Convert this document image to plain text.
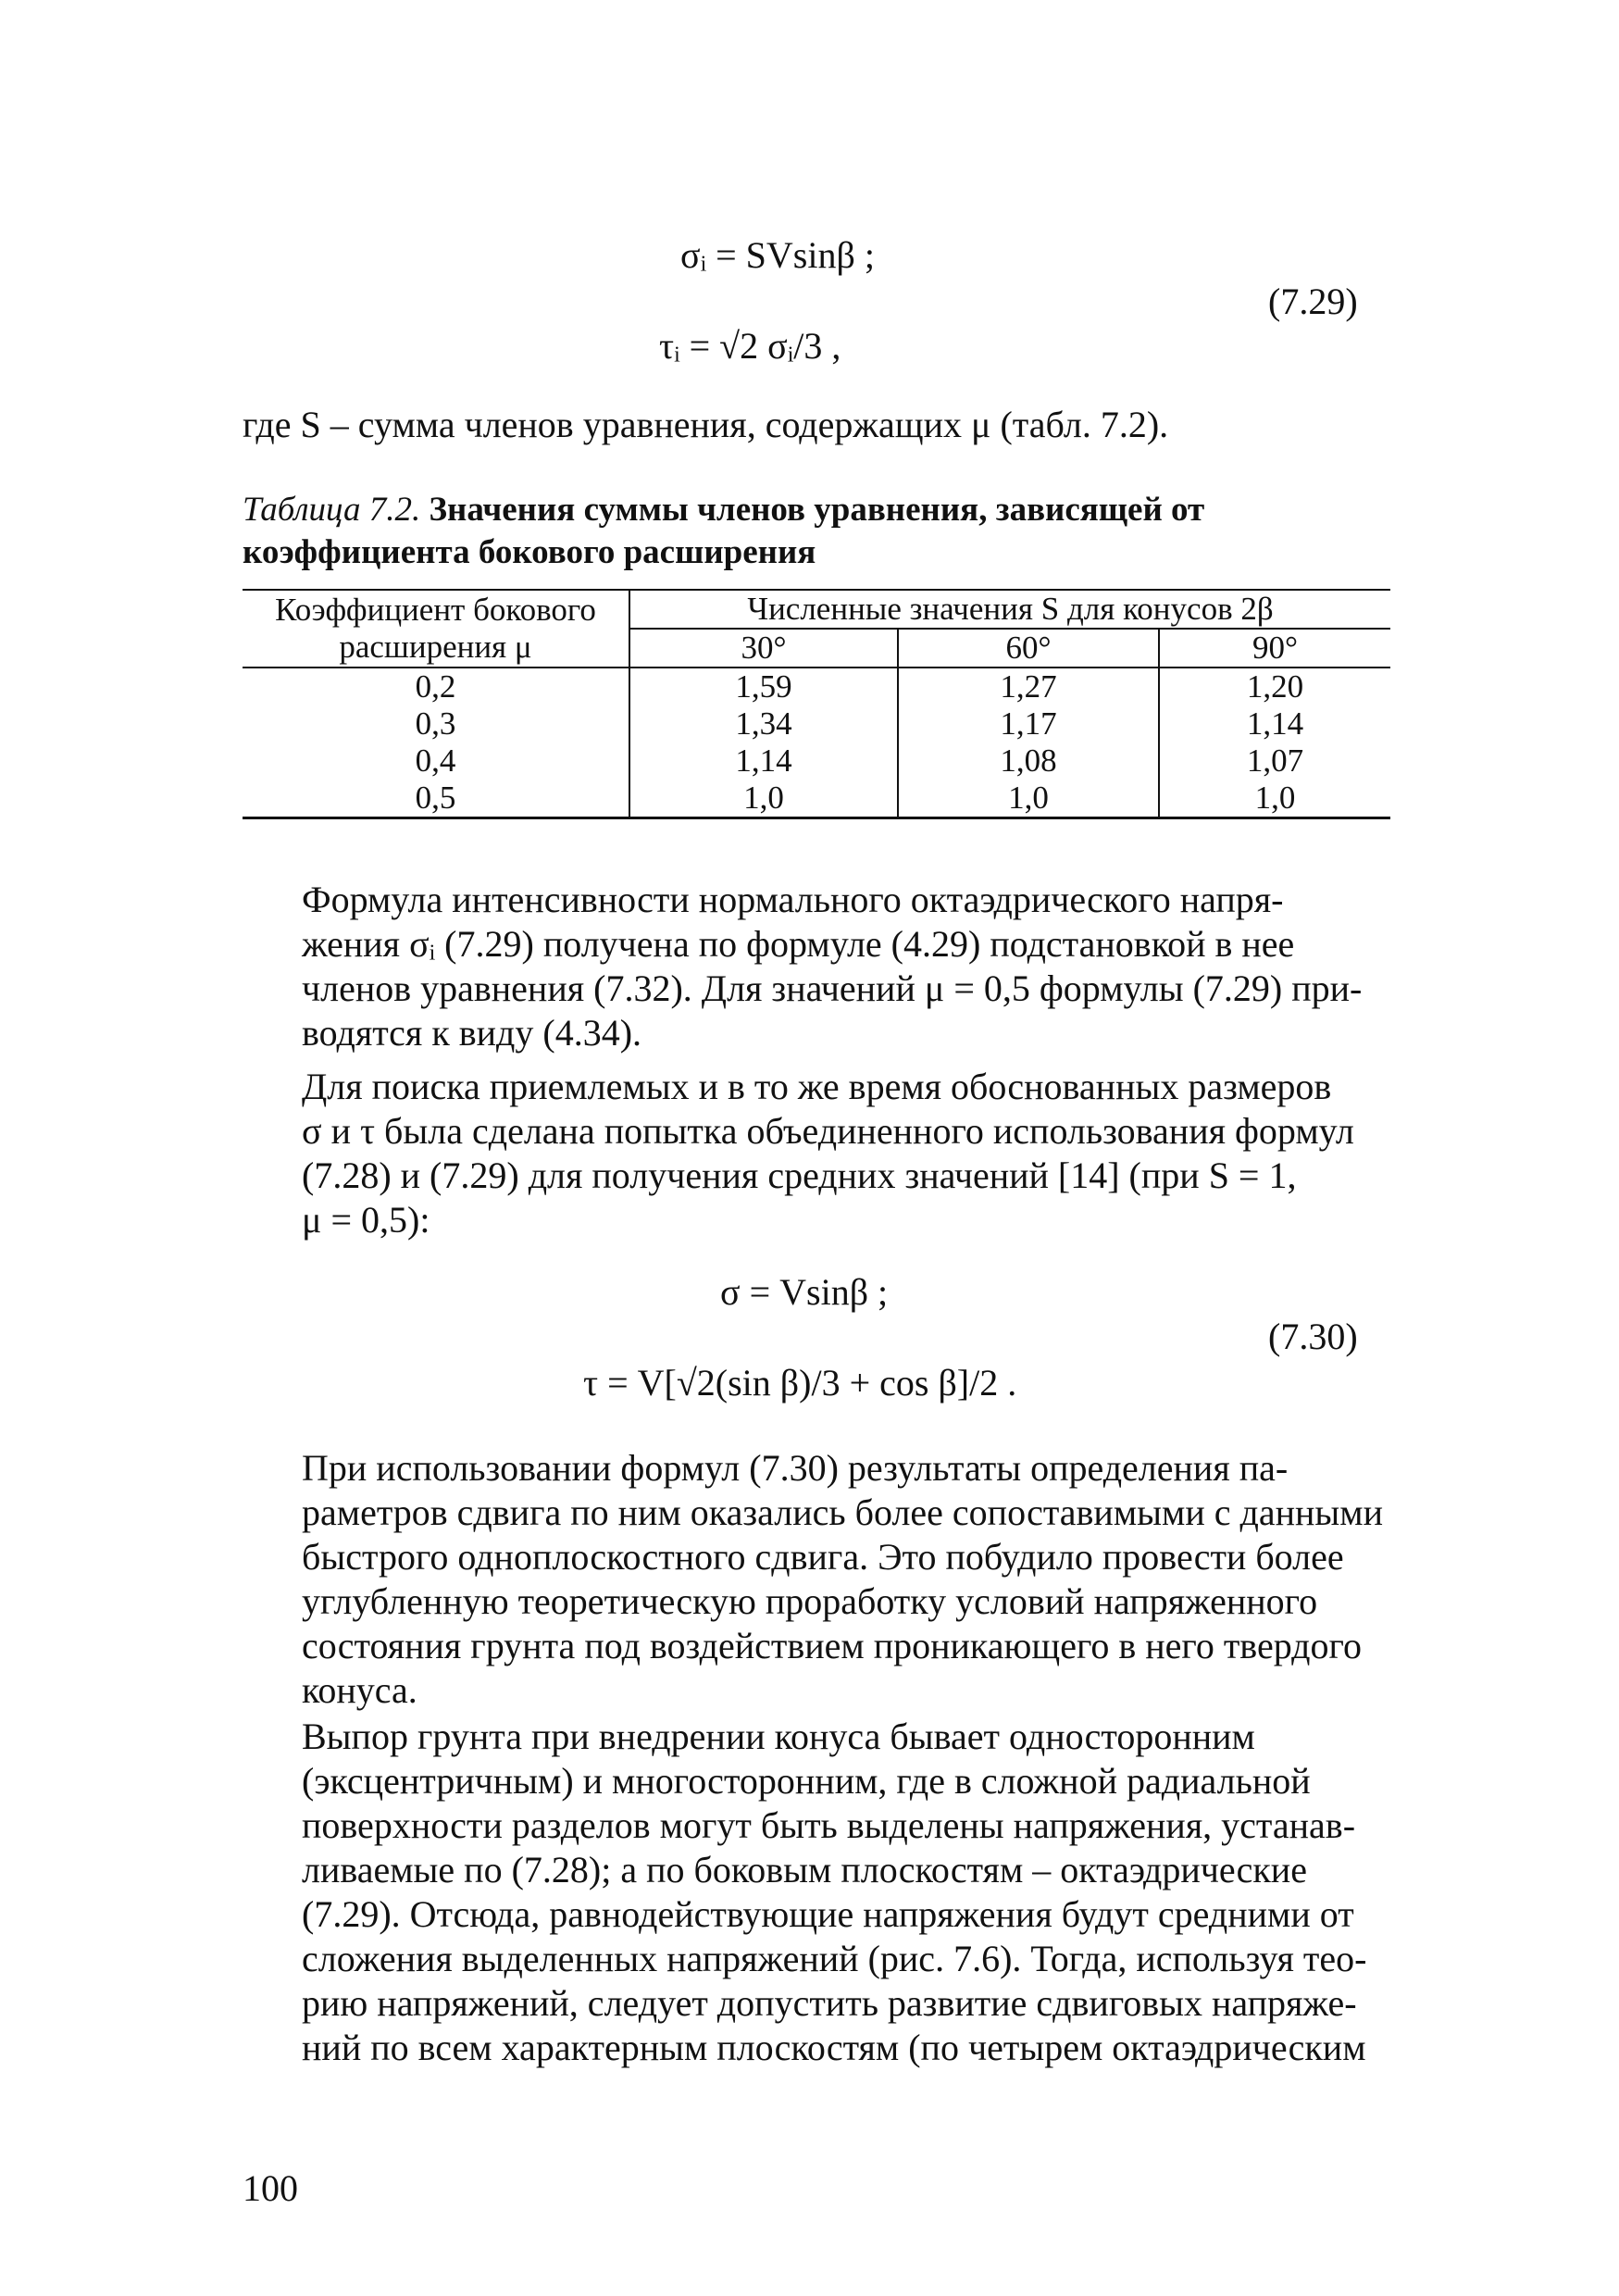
σᵢ = SVsinβ ;
τᵢ = √2 σᵢ/3 ,
(7.29)
где S – сумма членов уравнения, содержащих μ (табл. 7.2).
Таблица 7.2. Значения суммы членов уравнения, зависящей от
коэффициента бокового расширения
Коэффициент бокового
расширения μ	Численные значения S для конусов 2β		
	30°	60°	90°
0,2	1,59	1,27	1,20
0,3	1,34	1,17	1,14
0,4	1,14	1,08	1,07
0,5	1,0	1,0	1,0
Формула интенсивности нормального октаэдрического напря-
жения σᵢ (7.29) получена по формуле (4.29) подстановкой в нее
членов уравнения (7.32). Для значений μ = 0,5 формулы (7.29) при-
водятся к виду (4.34).
Для поиска приемлемых и в то же время обоснованных размеров
σ и τ была сделана попытка объединенного использования формул
(7.28) и (7.29) для получения средних значений [14] (при S = 1,
μ = 0,5):
σ = Vsinβ ;
τ = V[√2(sin β)/3 + cos β]/2 .
(7.30)
При использовании формул (7.30) результаты определения па-
раметров сдвига по ним оказались более сопоставимыми с данными
быстрого одноплоскостного сдвига. Это побудило провести более
углубленную теоретическую проработку условий напряженного
состояния грунта под воздействием проникающего в него твердого
конуса.
Выпор грунта при внедрении конуса бывает односторонним
(эксцентричным) и многосторонним, где в сложной радиальной
поверхности разделов могут быть выделены напряжения, устанав-
ливаемые по (7.28); а по боковым плоскостям – октаэдрические
(7.29). Отсюда, равнодействующие напряжения будут средними от
сложения выделенных напряжений (рис. 7.6). Тогда, используя тео-
рию напряжений, следует допустить развитие сдвиговых напряже-
ний по всем характерным плоскостям (по четырем октаэдрическим
100
